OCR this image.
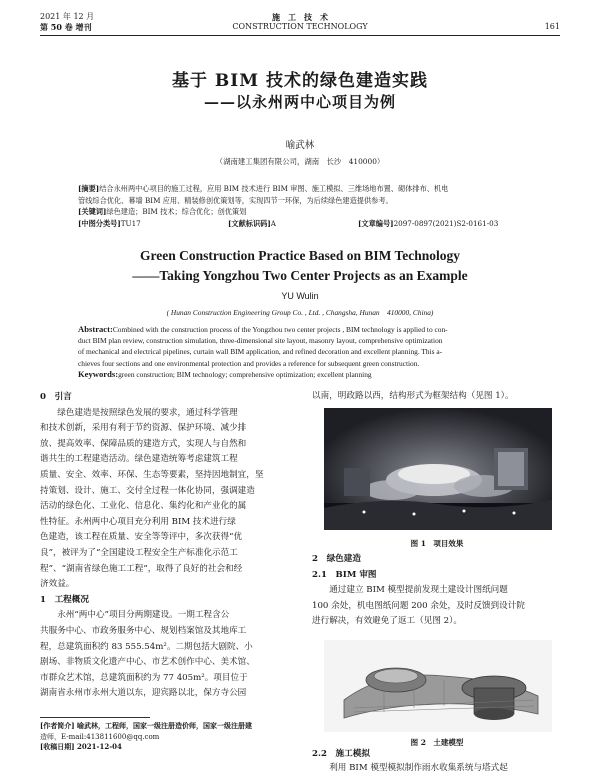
2021 年 12 月
第 50 卷 增刊
施　工　技　术
CONSTRUCTION TECHNOLOGY	161
基于 BIM 技术的绿色建造实践
——以永州两中心项目为例
喻武林
（湖南建工集团有限公司，湖南　长沙　410000）
[摘要]结合永州两中心项目的施工过程，应用 BIM 技术进行 BIM 审图、施工模拟、三维场地布置、砌体排布、机电
管线综合优化、幕墙 BIM 应用、精装修创优策划等，实现四节一环保，为后续绿色建造提供参考。
[关键词]绿色建造；BIM 技术；综合优化；创优策划
[中图分类号]TU17	[文献标识码]A	[文章编号]2097-0897(2021)S2-0161-03
Green Construction Practice Based on BIM Technology
——Taking Yongzhou Two Center Projects as an Example
YU Wulin
( Hunan Construction Engineering Group Co. , Ltd. , Changsha, Hunan　410000, China)
Abstract:Combined with the construction process of the Yongzhou two center projects , BIM technology is applied to con-
duct BIM plan review, construction simulation, three-dimensional site layout, masonry layout, comprehensive optimization
of mechanical and electrical pipelines, curtain wall BIM application, and refined decoration and excellent planning. This a-
chieves four sections and one environmental protection and provides a reference for subsequent green construction.
Keywords:green construction; BIM technology; comprehensive optimization; excellent planning
0　引言
　　绿色建造是按照绿色发展的要求，通过科学管理
和技术创新，采用有利于节约资源、保护环境、减少排
放、提高效率、保障品质的建造方式，实现人与自然和
谐共生的工程建造活动。绿色建造统筹考虑建筑工程
质量、安全、效率、环保、生态等要素，坚持因地制宜，坚
持策划、设计、施工、交付全过程一体化协同，强调建造
活动的绿色化、工业化、信息化、集约化和产业化的属
性特征。永州两中心项目充分利用 BIM 技术进行绿
色建造，该工程在质量、安全等等评中，多次获得“优
良”，被评为了“全国建设工程安全生产标准化示范工
程”、“湖南省绿色施工工程”，取得了良好的社会和经
济效益。
1　工程概况
　　永州“两中心”项目分两期建设。一期工程含公
共服务中心、市政务服务中心、规划档案馆及其地库工
程，总建筑面积约 83 555.54m²。二期包括大剧院、小
剧场、非物质文化遗产中心、市艺术创作中心、美术馆、
市群众艺术馆，总建筑面积约为 77 405m²。项目位于
湖南省永州市永州大道以东，迎宾路以北，保方寺公园
[作者简介] 喻武林，工程师，国家一级注册造价师，国家一级注册建
造师，E-mail:413811600@qq.com
[收稿日期] 2021-12-04
以南，明政路以西，结构形式为框架结构（见图 1）。
图 1　项目效果
2　绿色建造
2.1　BIM 审图
　　通过建立 BIM 模型提前发现土建设计图纸问题
100 余处，机电图纸问题 200 余处，及时反馈到设计院
进行解决，有效避免了返工（见图 2）。
图 2　土建模型
2.2　施工模拟
　　利用 BIM 模型模拟制作雨水收集系统与塔式起
